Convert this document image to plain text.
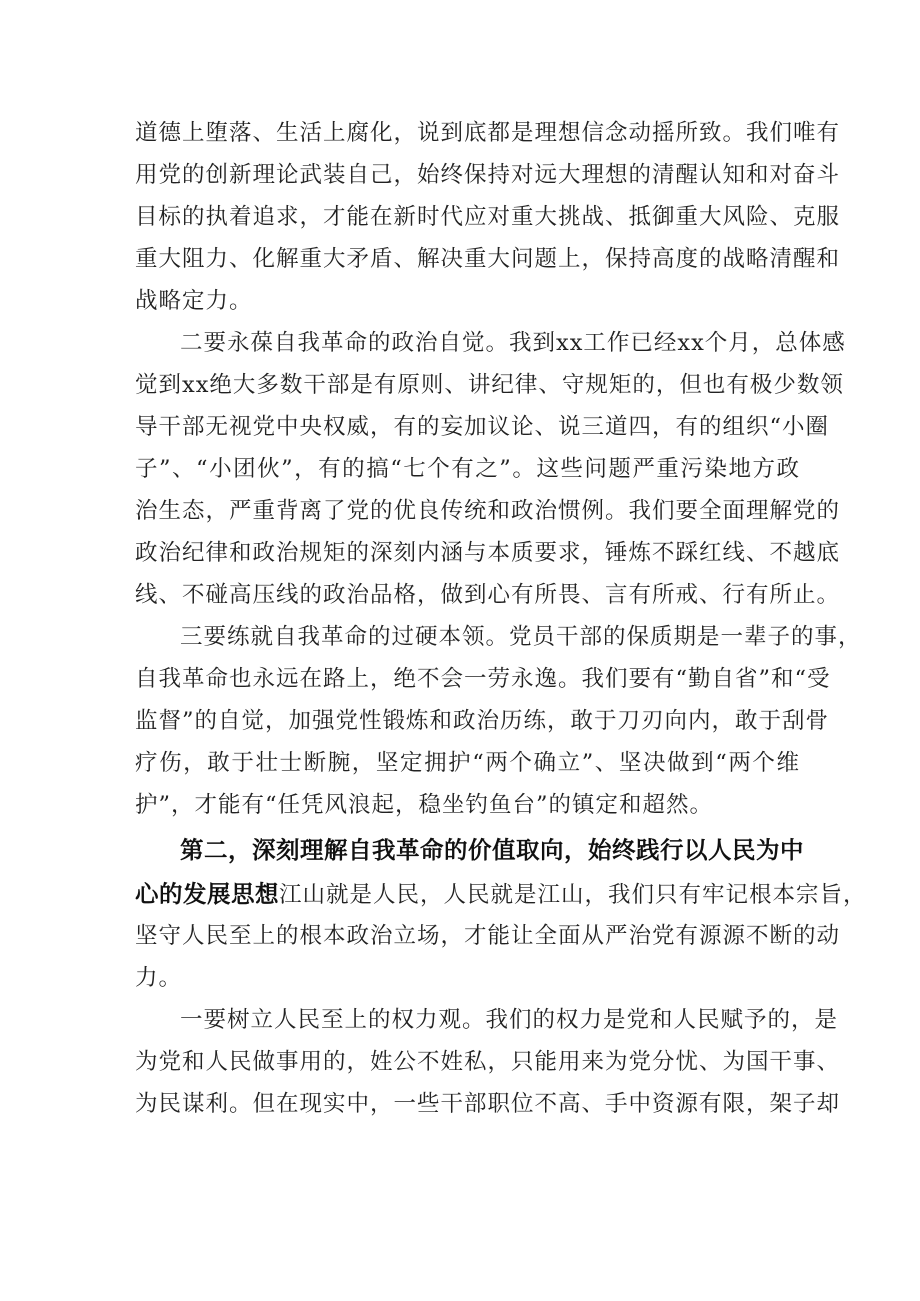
道德上堕落、生活上腐化，说到底都是理想信念动摇所致。我们唯有
用党的创新理论武装自己，始终保持对远大理想的清醒认知和对奋斗
目标的执着追求，才能在新时代应对重大挑战、抵御重大风险、克服
重大阻力、化解重大矛盾、解决重大问题上，保持高度的战略清醒和
战略定力。
二要永葆自我革命的政治自觉。我到xx工作已经xx个月，总体感
觉到xx绝大多数干部是有原则、讲纪律、守规矩的，但也有极少数领
导干部无视党中央权威，有的妄加议论、说三道四，有的组织“小圈
子”、“小团伙”，有的搞“七个有之”。这些问题严重污染地方政
治生态，严重背离了党的优良传统和政治惯例。我们要全面理解党的
政治纪律和政治规矩的深刻内涵与本质要求，锤炼不踩红线、不越底
线、不碰高压线的政治品格，做到心有所畏、言有所戒、行有所止。
三要练就自我革命的过硬本领。党员干部的保质期是一辈子的事，
自我革命也永远在路上，绝不会一劳永逸。我们要有“勤自省”和“受
监督”的自觉，加强党性锻炼和政治历练，敢于刀刃向内，敢于刮骨
疗伤，敢于壮士断腕，坚定拥护“两个确立”、坚决做到“两个维
护”，才能有“任凭风浪起，稳坐钓鱼台”的镇定和超然。
第二，深刻理解自我革命的价值取向，始终践行以人民为中
心的发展思想江山就是人民，人民就是江山，我们只有牢记根本宗旨，
坚守人民至上的根本政治立场，才能让全面从严治党有源源不断的动
力。
一要树立人民至上的权力观。我们的权力是党和人民赋予的，是
为党和人民做事用的，姓公不姓私，只能用来为党分忧、为国干事、
为民谋利。但在现实中，一些干部职位不高、手中资源有限，架子却
